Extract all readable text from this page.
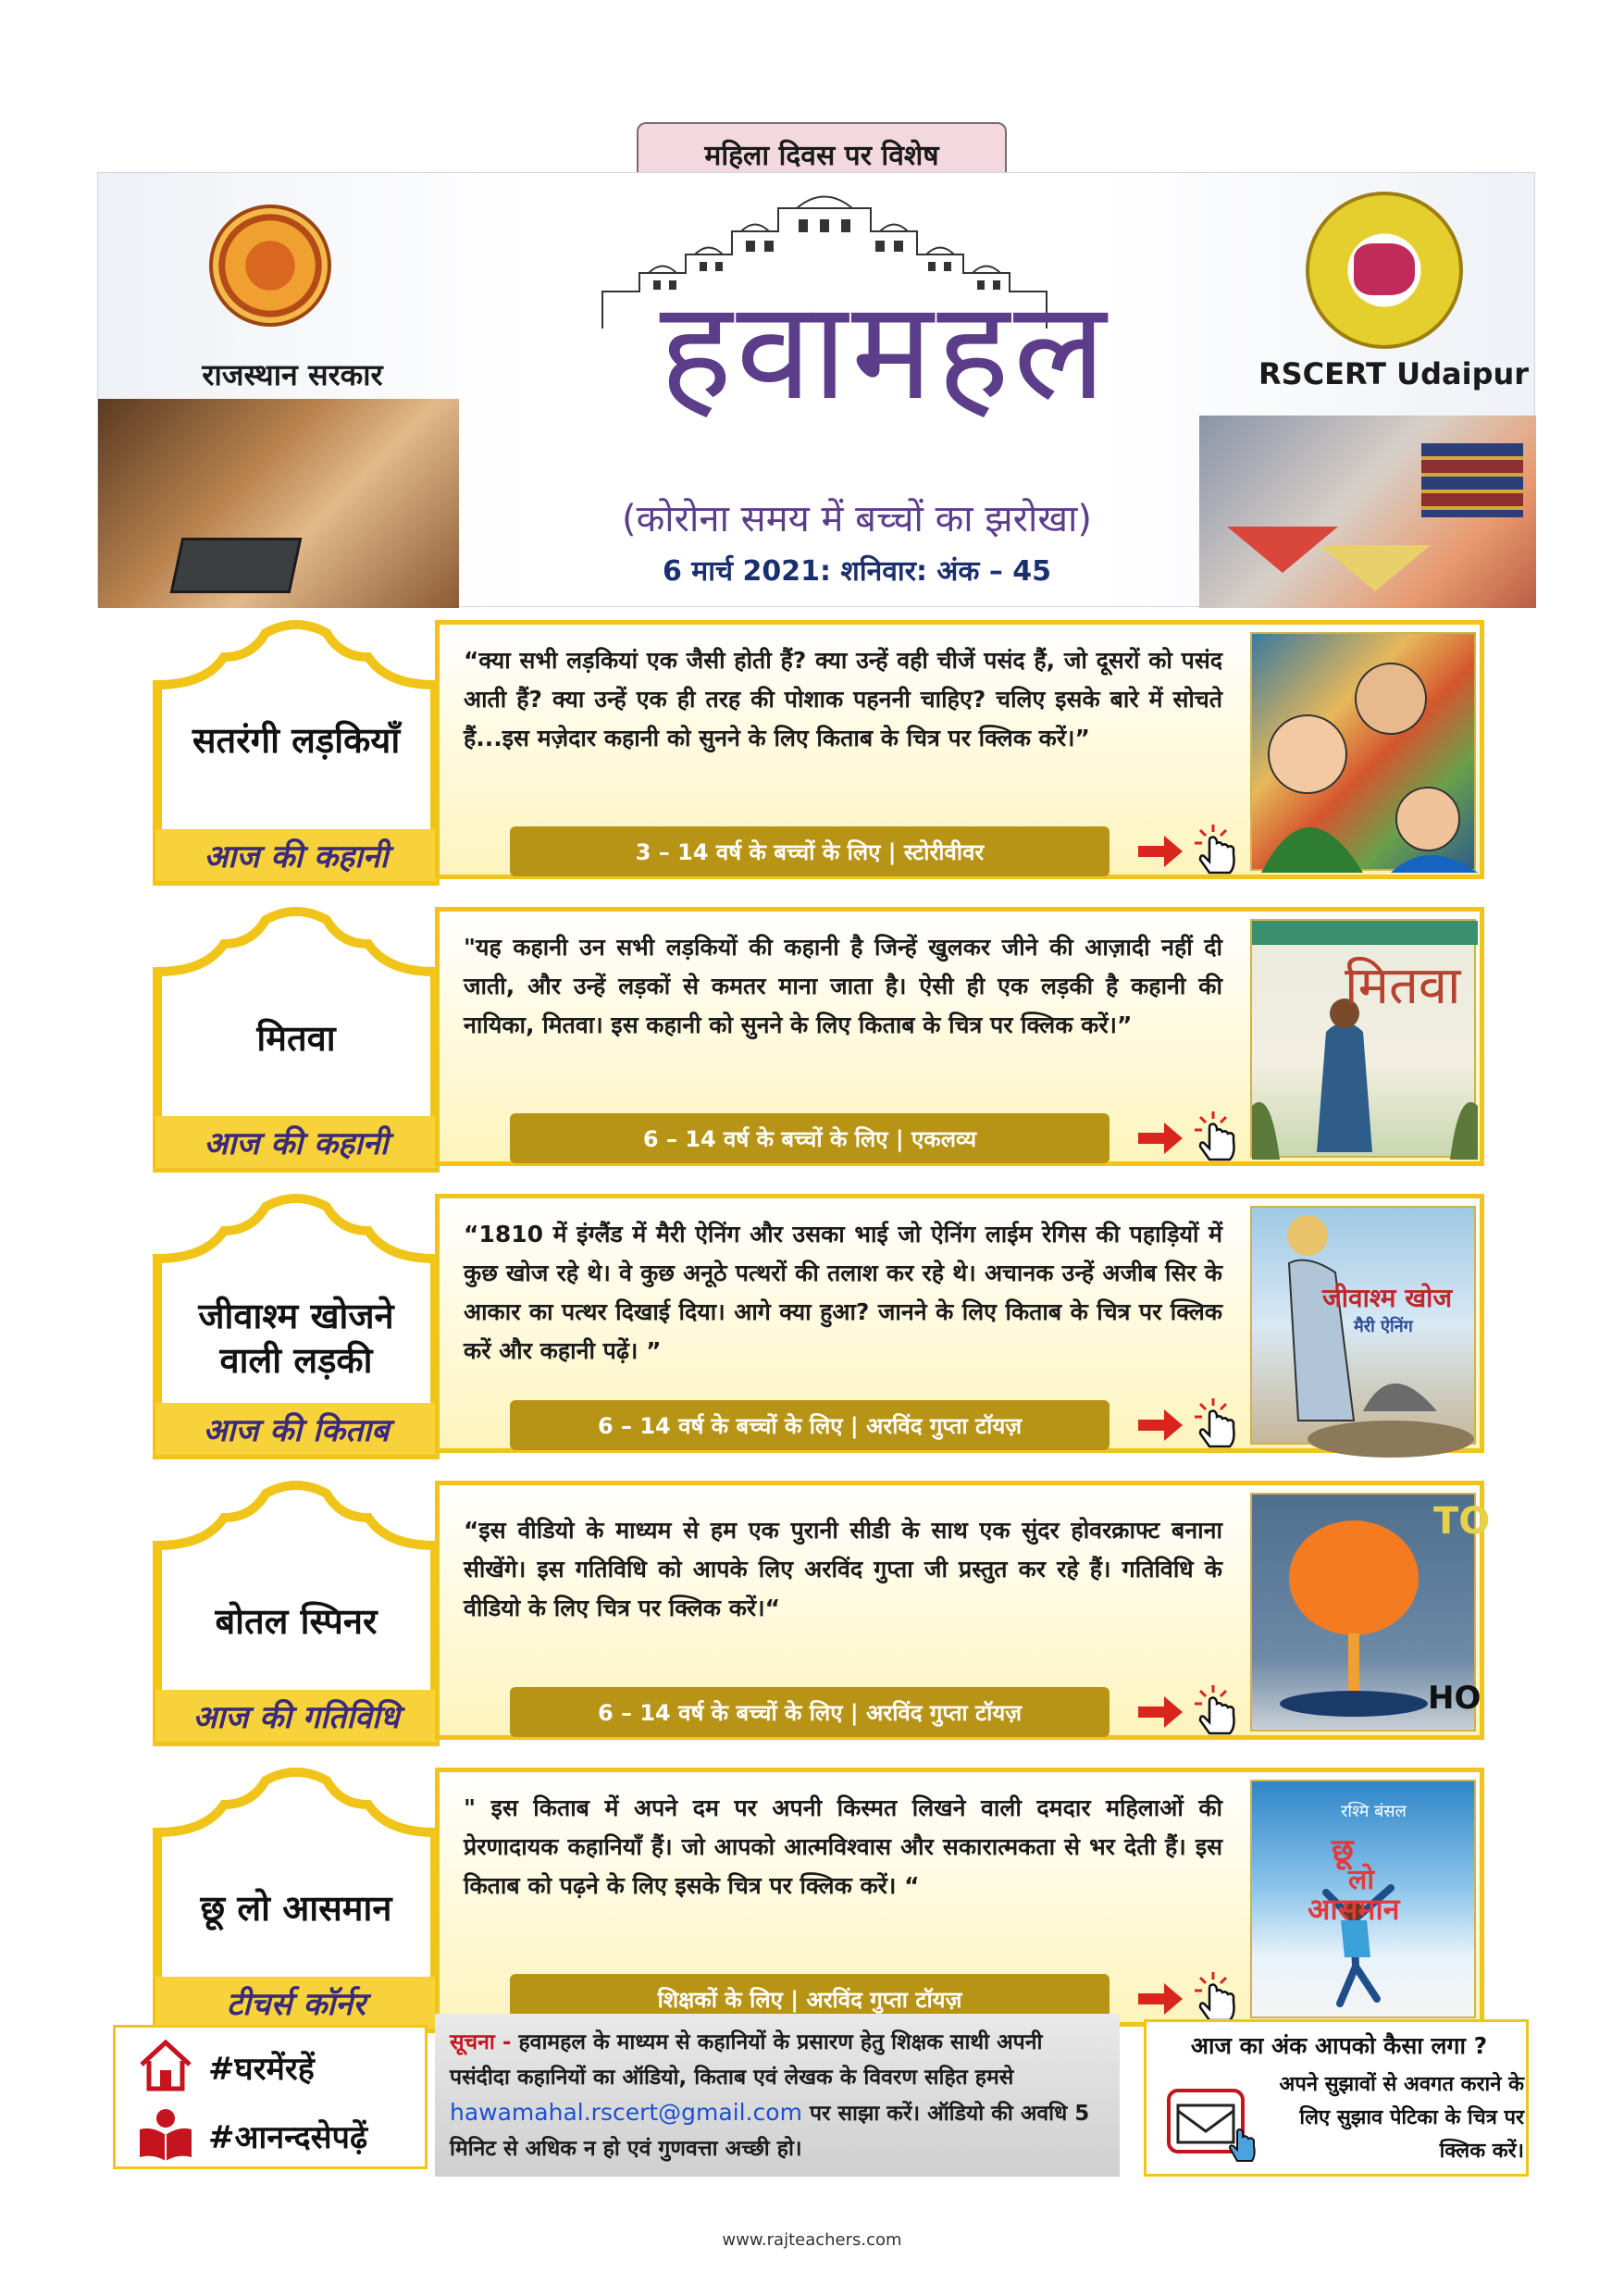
महिला दिवस पर विशेष
राजस्थान सरकार	हवामहल
(कोरोना समय में बच्चों का झरोखा)
6 मार्च 2021: शनिवार: अंक – 45
RSCERT Udaipur
सतरंगी लड़कियाँ
आज की कहानी
“क्या सभी लड़कियां एक जैसी होती हैं? क्या उन्हें वही चीजें पसंद हैं, जो दूसरों को पसंद आती हैं? क्या उन्हें एक ही तरह की पोशाक पहननी चाहिए? चलिए इसके बारे में सोचते हैं...इस मज़ेदार कहानी को सुनने के लिए किताब के चित्र पर क्लिक करें।”
3 – 14 वर्ष के बच्चों के लिए | स्टोरीवीवर
मितवा
आज की कहानी
"यह कहानी उन सभी लड़कियों की कहानी है जिन्हें खुलकर जीने की आज़ादी नहीं दी जाती, और उन्हें लड़कों से कमतर माना जाता है। ऐसी ही एक लड़की है कहानी की नायिका, मितवा। इस कहानी को सुनने के लिए किताब के चित्र पर क्लिक करें।”
6 – 14 वर्ष के बच्चों के लिए | एकलव्य
मितवा
जीवाश्म खोजने वाली लड़की
आज की किताब
“1810 में इंग्लैंड में मैरी ऐनिंग और उसका भाई जो ऐनिंग लाईम रेगिस की पहाड़ियों में कुछ खोज रहे थे। वे कुछ अनूठे पत्थरों की तलाश कर रहे थे। अचानक उन्हें अजीब सिर के आकार का पत्थर दिखाई दिया। आगे क्या हुआ? जानने के लिए किताब के चित्र पर क्लिक करें और कहानी पढ़ें। ”
6 – 14 वर्ष के बच्चों के लिए | अरविंद गुप्ता टॉयज़
जीवाश्म खोज
मैरी ऐनिंग
बोतल स्पिनर
आज की गतिविधि
“इस वीडियो के माध्यम से हम एक पुरानी सीडी के साथ एक सुंदर होवरक्राफ्ट बनाना सीखेंगे। इस गतिविधि को आपके लिए अरविंद गुप्ता जी प्रस्तुत कर रहे हैं। गतिविधि के वीडियो के लिए चित्र पर क्लिक करें।“
6 – 14 वर्ष के बच्चों के लिए | अरविंद गुप्ता टॉयज़
TO
HO
छू लो आसमान
टीचर्स कॉर्नर
" इस किताब में अपने दम पर अपनी किस्मत लिखने वाली दमदार महिलाओं की प्रेरणादायक कहानियाँ हैं। जो आपको आत्मविश्वास और सकारात्मकता से भर देती हैं। इस किताब को पढ़ने के लिए इसके चित्र पर क्लिक करें। “
शिक्षकों के लिए | अरविंद गुप्ता टॉयज़
रश्मि बंसल
छू
लो
आसमान
#घरमेंरहें
#आनन्दसेपढ़ें
सूचना - हवामहल के माध्यम से कहानियों के प्रसारण हेतु शिक्षक साथी अपनी पसंदीदा कहानियों का ऑडियो, किताब एवं लेखक के विवरण सहित हमसे hawamahal.rscert@gmail.com पर साझा करें। ऑडियो की अवधि 5 मिनिट से अधिक न हो एवं गुणवत्ता अच्छी हो।
आज का अंक आपको कैसा लगा ?
अपने सुझावों से अवगत कराने के लिए सुझाव पेटिका के चित्र पर क्लिक करें।
www.rajteachers.com
